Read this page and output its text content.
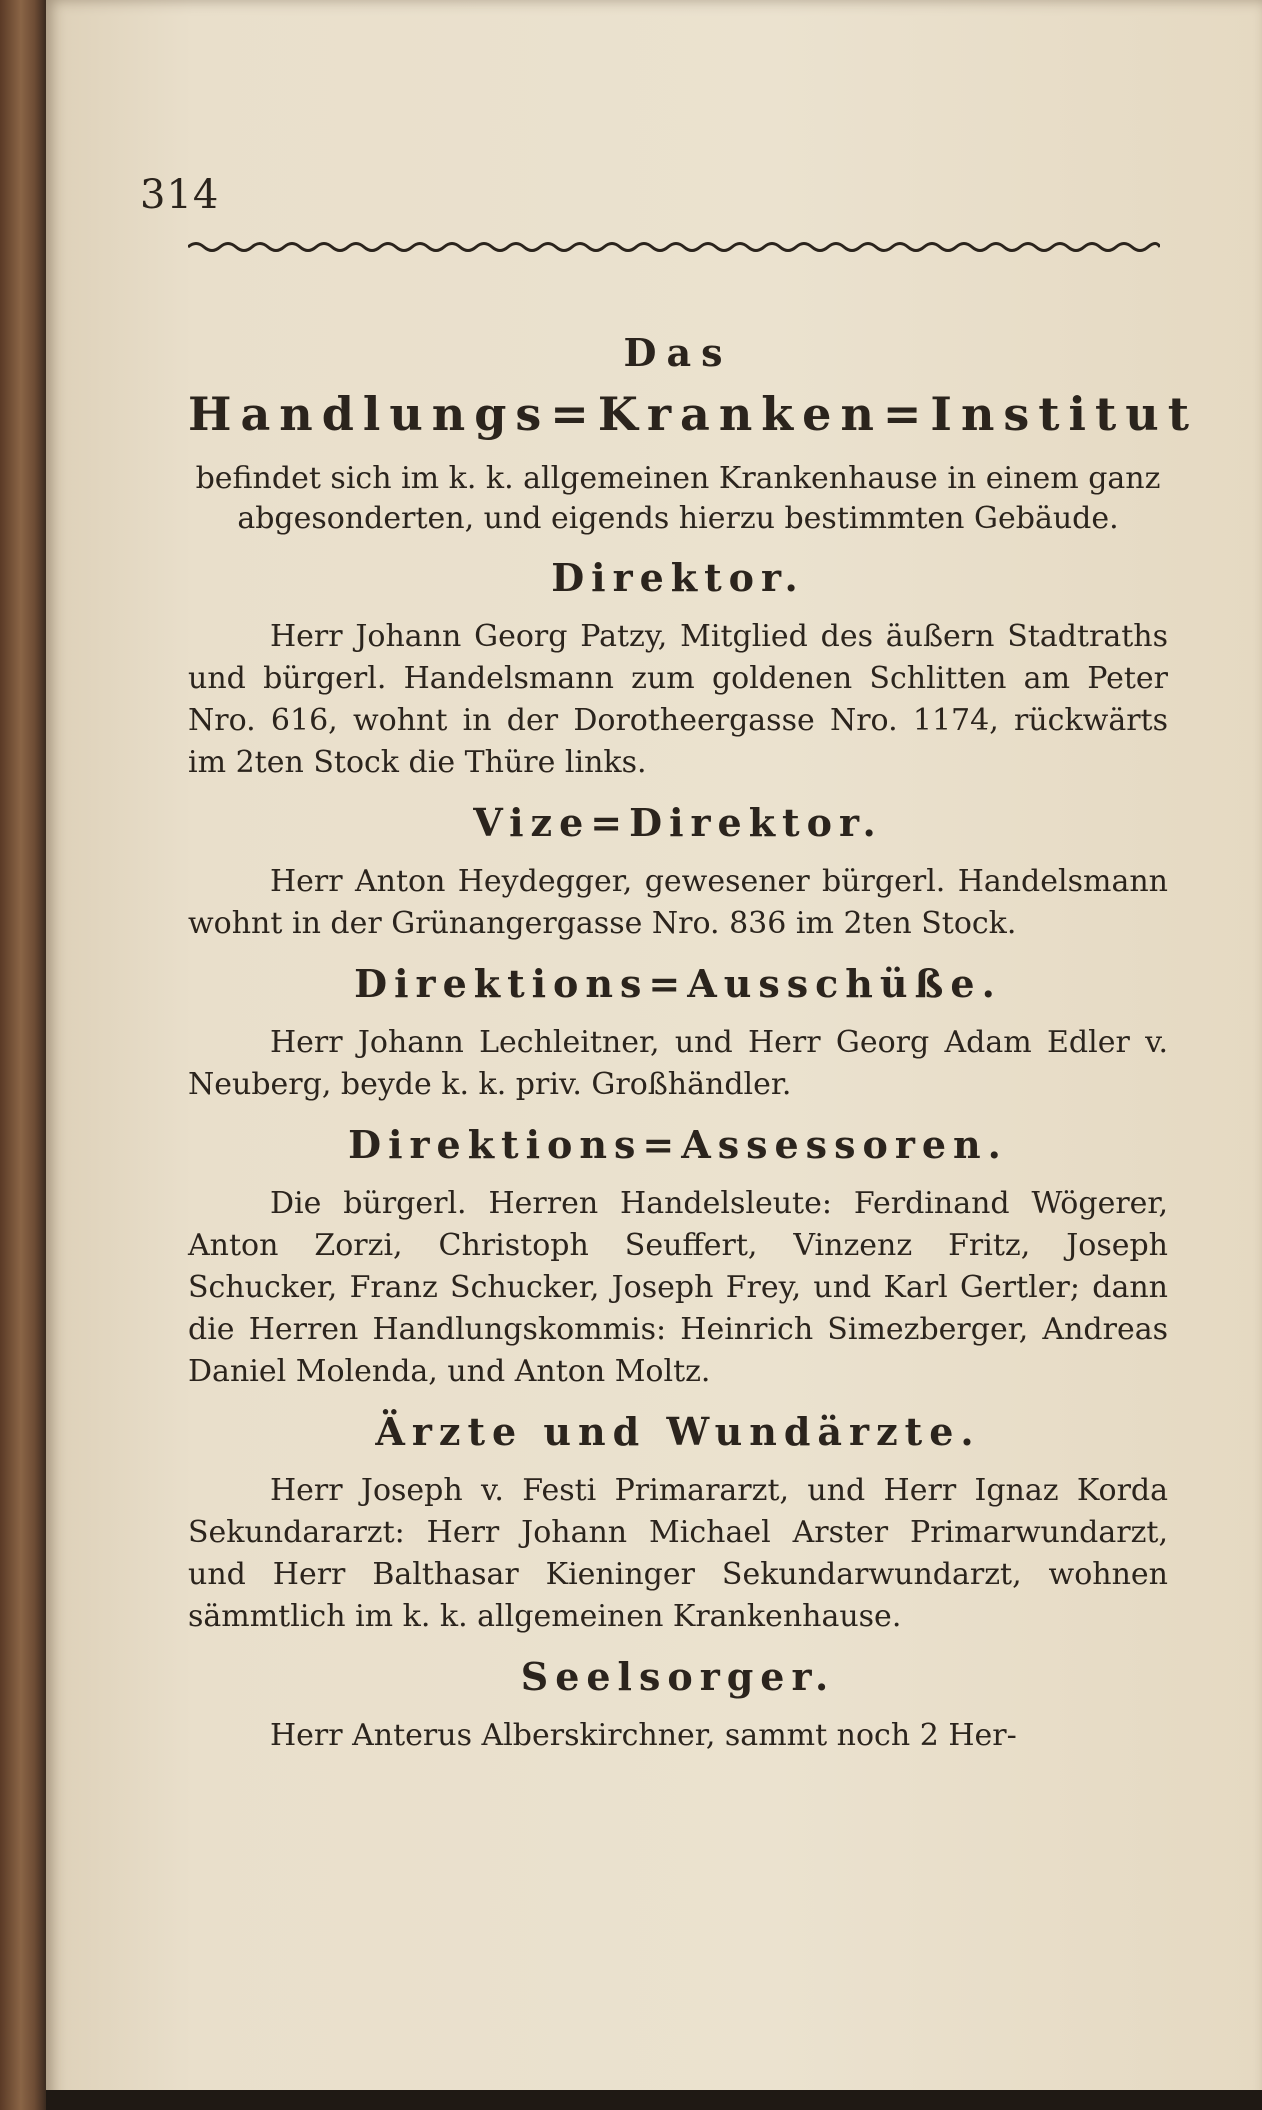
314
Das
Handlungs=Kranken=Institut

befindet sich im k. k. allgemeinen Krankenhause in einem ganz abgesonderten, und eigends hierzu bestimmten Gebäude.

Direktor.

Herr Johann Georg Patzy, Mitglied des äußern Stadtraths und bürgerl. Handelsmann zum goldenen Schlitten am Peter Nro. 616, wohnt in der Dorotheergasse Nro. 1174, rückwärts im 2ten Stock die Thüre links.

Vize=Direktor.

Herr Anton Heydegger, gewesener bürgerl. Handelsmann wohnt in der Grünangergasse Nro. 836 im 2ten Stock.

Direktions=Ausschüße.

Herr Johann Lechleitner, und Herr Georg Adam Edler v. Neuberg, beyde k. k. priv. Großhändler.

Direktions=Assessoren.

Die bürgerl. Herren Handelsleute: Ferdinand Wögerer, Anton Zorzi, Christoph Seuffert, Vinzenz Fritz, Joseph Schucker, Franz Schucker, Joseph Frey, und Karl Gertler; dann die Herren Handlungskommis: Heinrich Simezberger, Andreas Daniel Molenda, und Anton Moltz.

Ärzte und Wundärzte.

Herr Joseph v. Festi Primararzt, und Herr Ignaz Korda Sekundararzt: Herr Johann Michael Arster Primarwundarzt, und Herr Balthasar Kieninger Sekundarwundarzt, wohnen sämmtlich im k. k. allgemeinen Krankenhause.

Seelsorger.

Herr Anterus Alberskirchner, sammt noch 2 Her-
